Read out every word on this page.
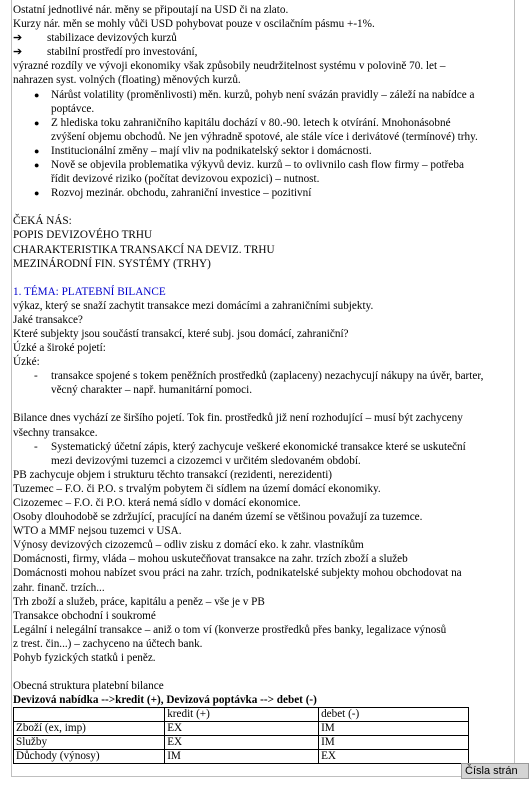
Ostatní jednotlivé nár. měny se připoutají na USD či na zlato.
Kurzy nár. měn se mohly vůči USD pohybovat pouze v oscilačním pásmu +-1%.
➔ stabilizace devizových kurzů
➔ stabilní prostředí pro investování,
výrazné rozdíly ve vývoji ekonomiky však způsobily neudržitelnost systému v polovině 70. let –
nahrazen syst. volných (floating) měnových kurzů.
● Nárůst volatility (proměnlivosti) měn. kurzů, pohyb není svázán pravidly – záleží na nabídce a
poptávce.
● Z hlediska toku zahraničního kapitálu dochází v 80.-90. letech k otvírání. Mnohonásobné
zvýšení objemu obchodů. Ne jen výhradně spotové, ale stále více i derivátové (termínové) trhy.
● Institucionální změny – mají vliv na podnikatelský sektor i domácnosti.
● Nově se objevila problematika výkyvů deviz. kurzů – to ovlivnilo cash flow firmy – potřeba
řídit devizové riziko (počítat devizovou expozici) – nutnost.
● Rozvoj mezinár. obchodu, zahraniční investice – pozitivní
ČEKÁ NÁS:
POPIS DEVIZOVÉHO TRHU
CHARAKTERISTIKA TRANSAKCÍ NA DEVIZ. TRHU
MEZINÁRODNÍ FIN. SYSTÉMY (TRHY)
1. TÉMA: PLATEBNÍ BILANCE
výkaz, který se snaží zachytit transakce mezi domácími a zahraničními subjekty.
Jaké transakce?
Které subjekty jsou součástí transakcí, které subj. jsou domácí, zahraniční?
Úzké a široké pojetí:
Úzké:
- transakce spojené s tokem peněžních prostředků (zaplaceny) nezachycují nákupy na úvěr, barter,
věcný charakter – např. humanitární pomoci.
Bilance dnes vychází ze širšího pojetí. Tok fin. prostředků již není rozhodující – musí být zachyceny
všechny transakce.
- Systematický účetní zápis, který zachycuje veškeré ekonomické transakce které se uskuteční
mezi devizovými tuzemci a cizozemci v určitém sledovaném období.
PB zachycuje objem i strukturu těchto transakcí (rezidenti, nerezidenti)
Tuzemec – F.O. či P.O. s trvalým pobytem či sídlem na území domácí ekonomiky.
Cizozemec – F.O. či P.O. která nemá sídlo v domácí ekonomice.
Osoby dlouhodobě se zdržující, pracující na daném území se většinou považují za tuzemce.
WTO a MMF nejsou tuzemci v USA.
Výnosy devizových cizozemců – odliv zisku z domácí eko. k zahr. vlastníkům
Domácnosti, firmy, vláda – mohou uskutečňovat transakce na zahr. trzích zboží a služeb
Domácnosti mohou nabízet svou práci na zahr. trzích, podnikatelské subjekty mohou obchodovat na
zahr. finanč. trzích...
Trh zboží a služeb, práce, kapitálu a peněz – vše je v PB
Transakce obchodní i soukromé
Legální i nelegální transakce – aniž o tom ví (konverze prostředků přes banky, legalizace výnosů
z trest. čin...) – zachyceno na účtech bank.
Pohyb fyzických statků i peněz.
Obecná struktura platební bilance
Devizová nabídka -->kredit (+), Devizová poptávka --> debet (-)
	kredit (+)	debet (-)
Zboží (ex, imp)	EX	IM
Služby	EX	IM
Důchody (výnosy)	IM	EX
Čísla strán
